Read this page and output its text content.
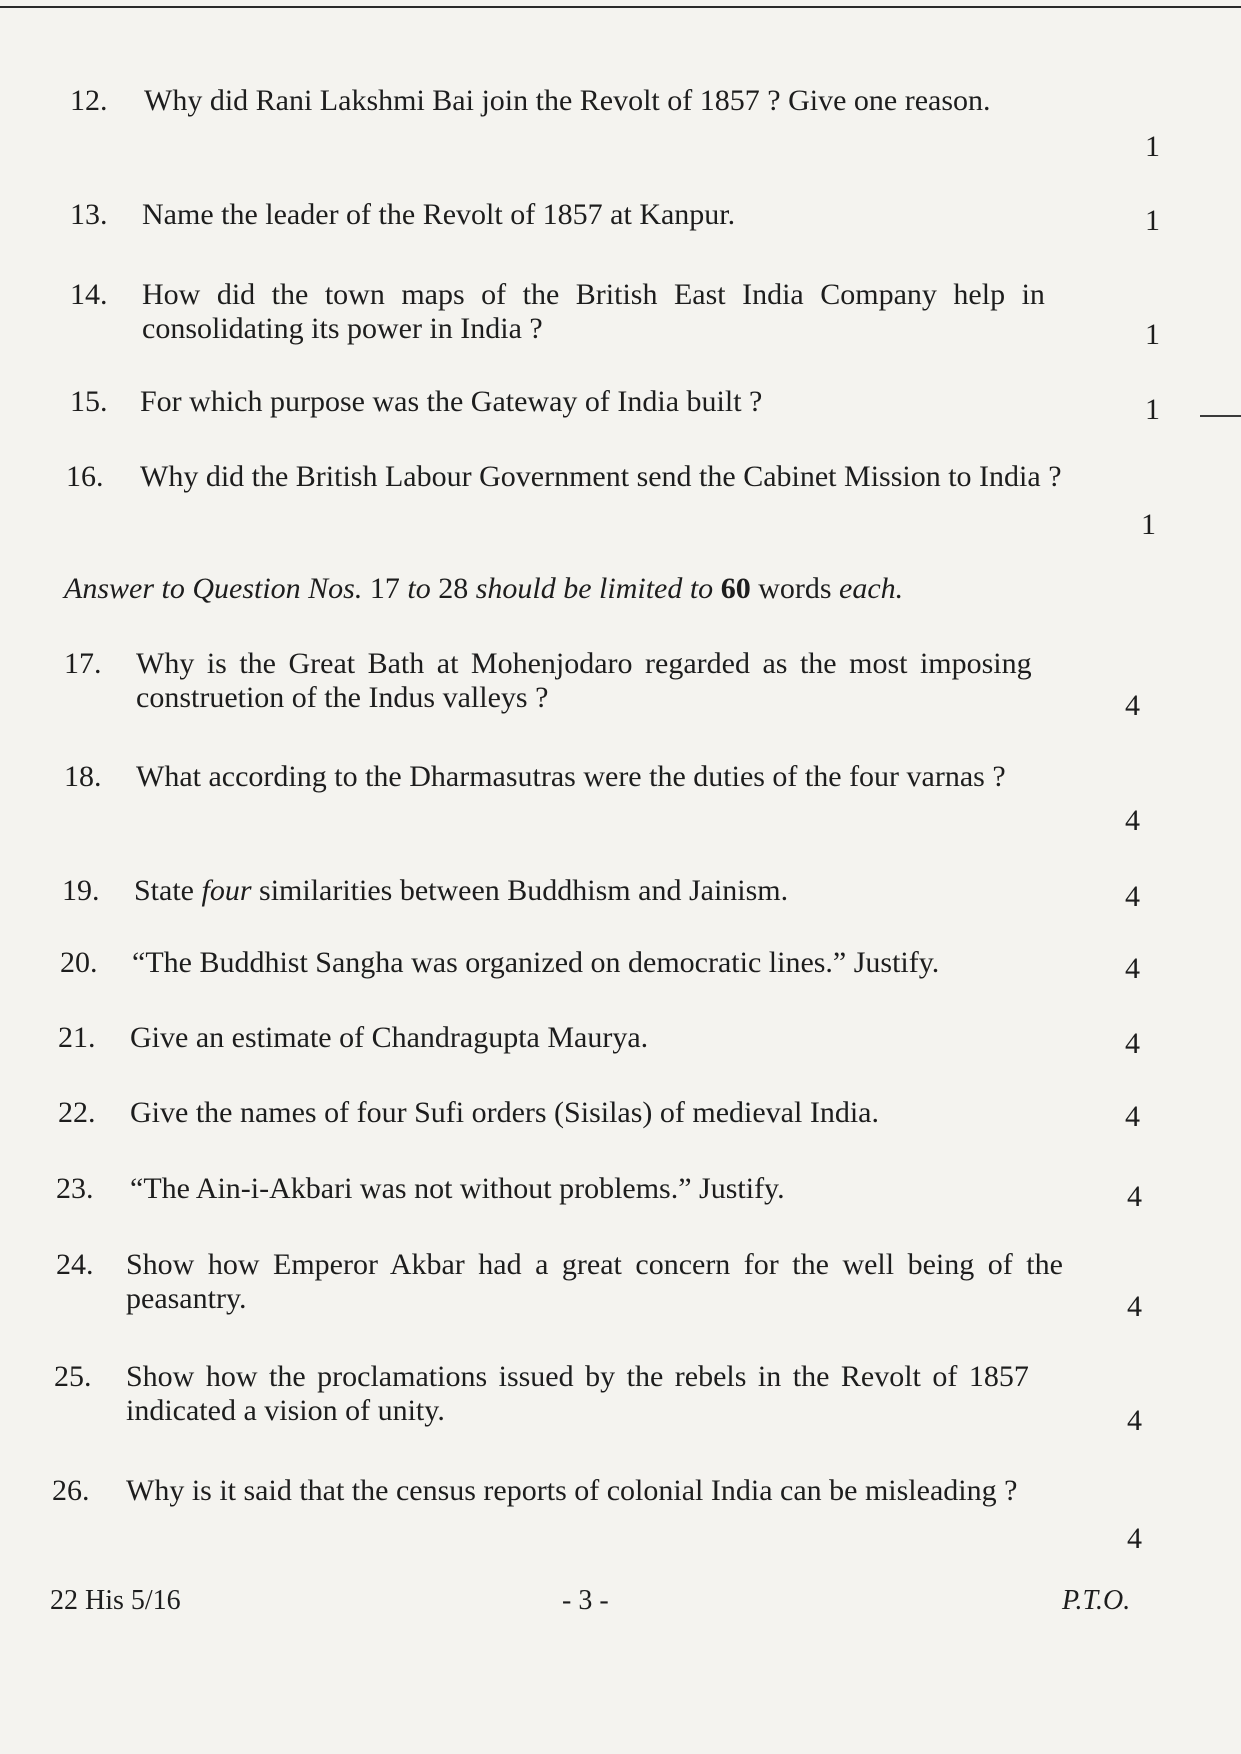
12. Why did Rani Lakshmi Bai join the Revolt of 1857 ? Give one reason.
1
13. Name the leader of the Revolt of 1857 at Kanpur.	1
14. How did the town maps of the British East India Company help in
consolidating its power in India ?	1
15. For which purpose was the Gateway of India built ?	1
16. Why did the British Labour Government send the Cabinet Mission to India ?
1
Answer to Question Nos. 17 to 28 should be limited to 60 words each.
17. Why is the Great Bath at Mohenjodaro regarded as the most imposing
construetion of the Indus valleys ?	4
18. What according to the Dharmasutras were the duties of the four varnas ?
4
19. State four similarities between Buddhism and Jainism.	4
20. “The Buddhist Sangha was organized on democratic lines.” Justify.	4
21. Give an estimate of Chandragupta Maurya.	4
22. Give the names of four Sufi orders (Sisilas) of medieval India.	4
23. “The Ain-i-Akbari was not without problems.” Justify.	4
24. Show how Emperor Akbar had a great concern for the well being of the
peasantry.	4
25. Show how the proclamations issued by the rebels in the Revolt of 1857
indicated a vision of unity.	4
26. Why is it said that the census reports of colonial India can be misleading ?
4
22 His 5/16	- 3 -	P.T.O.
